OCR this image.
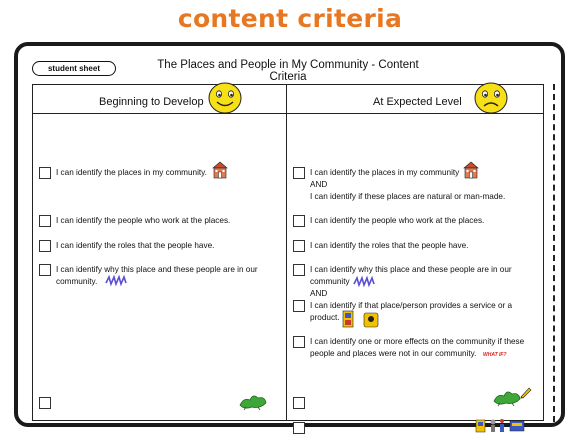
content criteria
student sheet	The Places and People in My Community - Content Criteria
Beginning to Develop
I can identify the places in my community.
I can identify the people who work at the places.
I can identify the roles that the people have.
I can identify why this place and these people are in our
community.
At Expected Level
I can identify the places in my community
AND
I can identify if these places are natural or man-made.
I can identify the people who work at the places.
I can identify the roles that the people have.
I can identify why this place and these people are in our
community
AND
I can identify if that place/person provides a service or a
product.
I can identify one or more effects on the community if these
people and places were not in our community. WHAT IF?
